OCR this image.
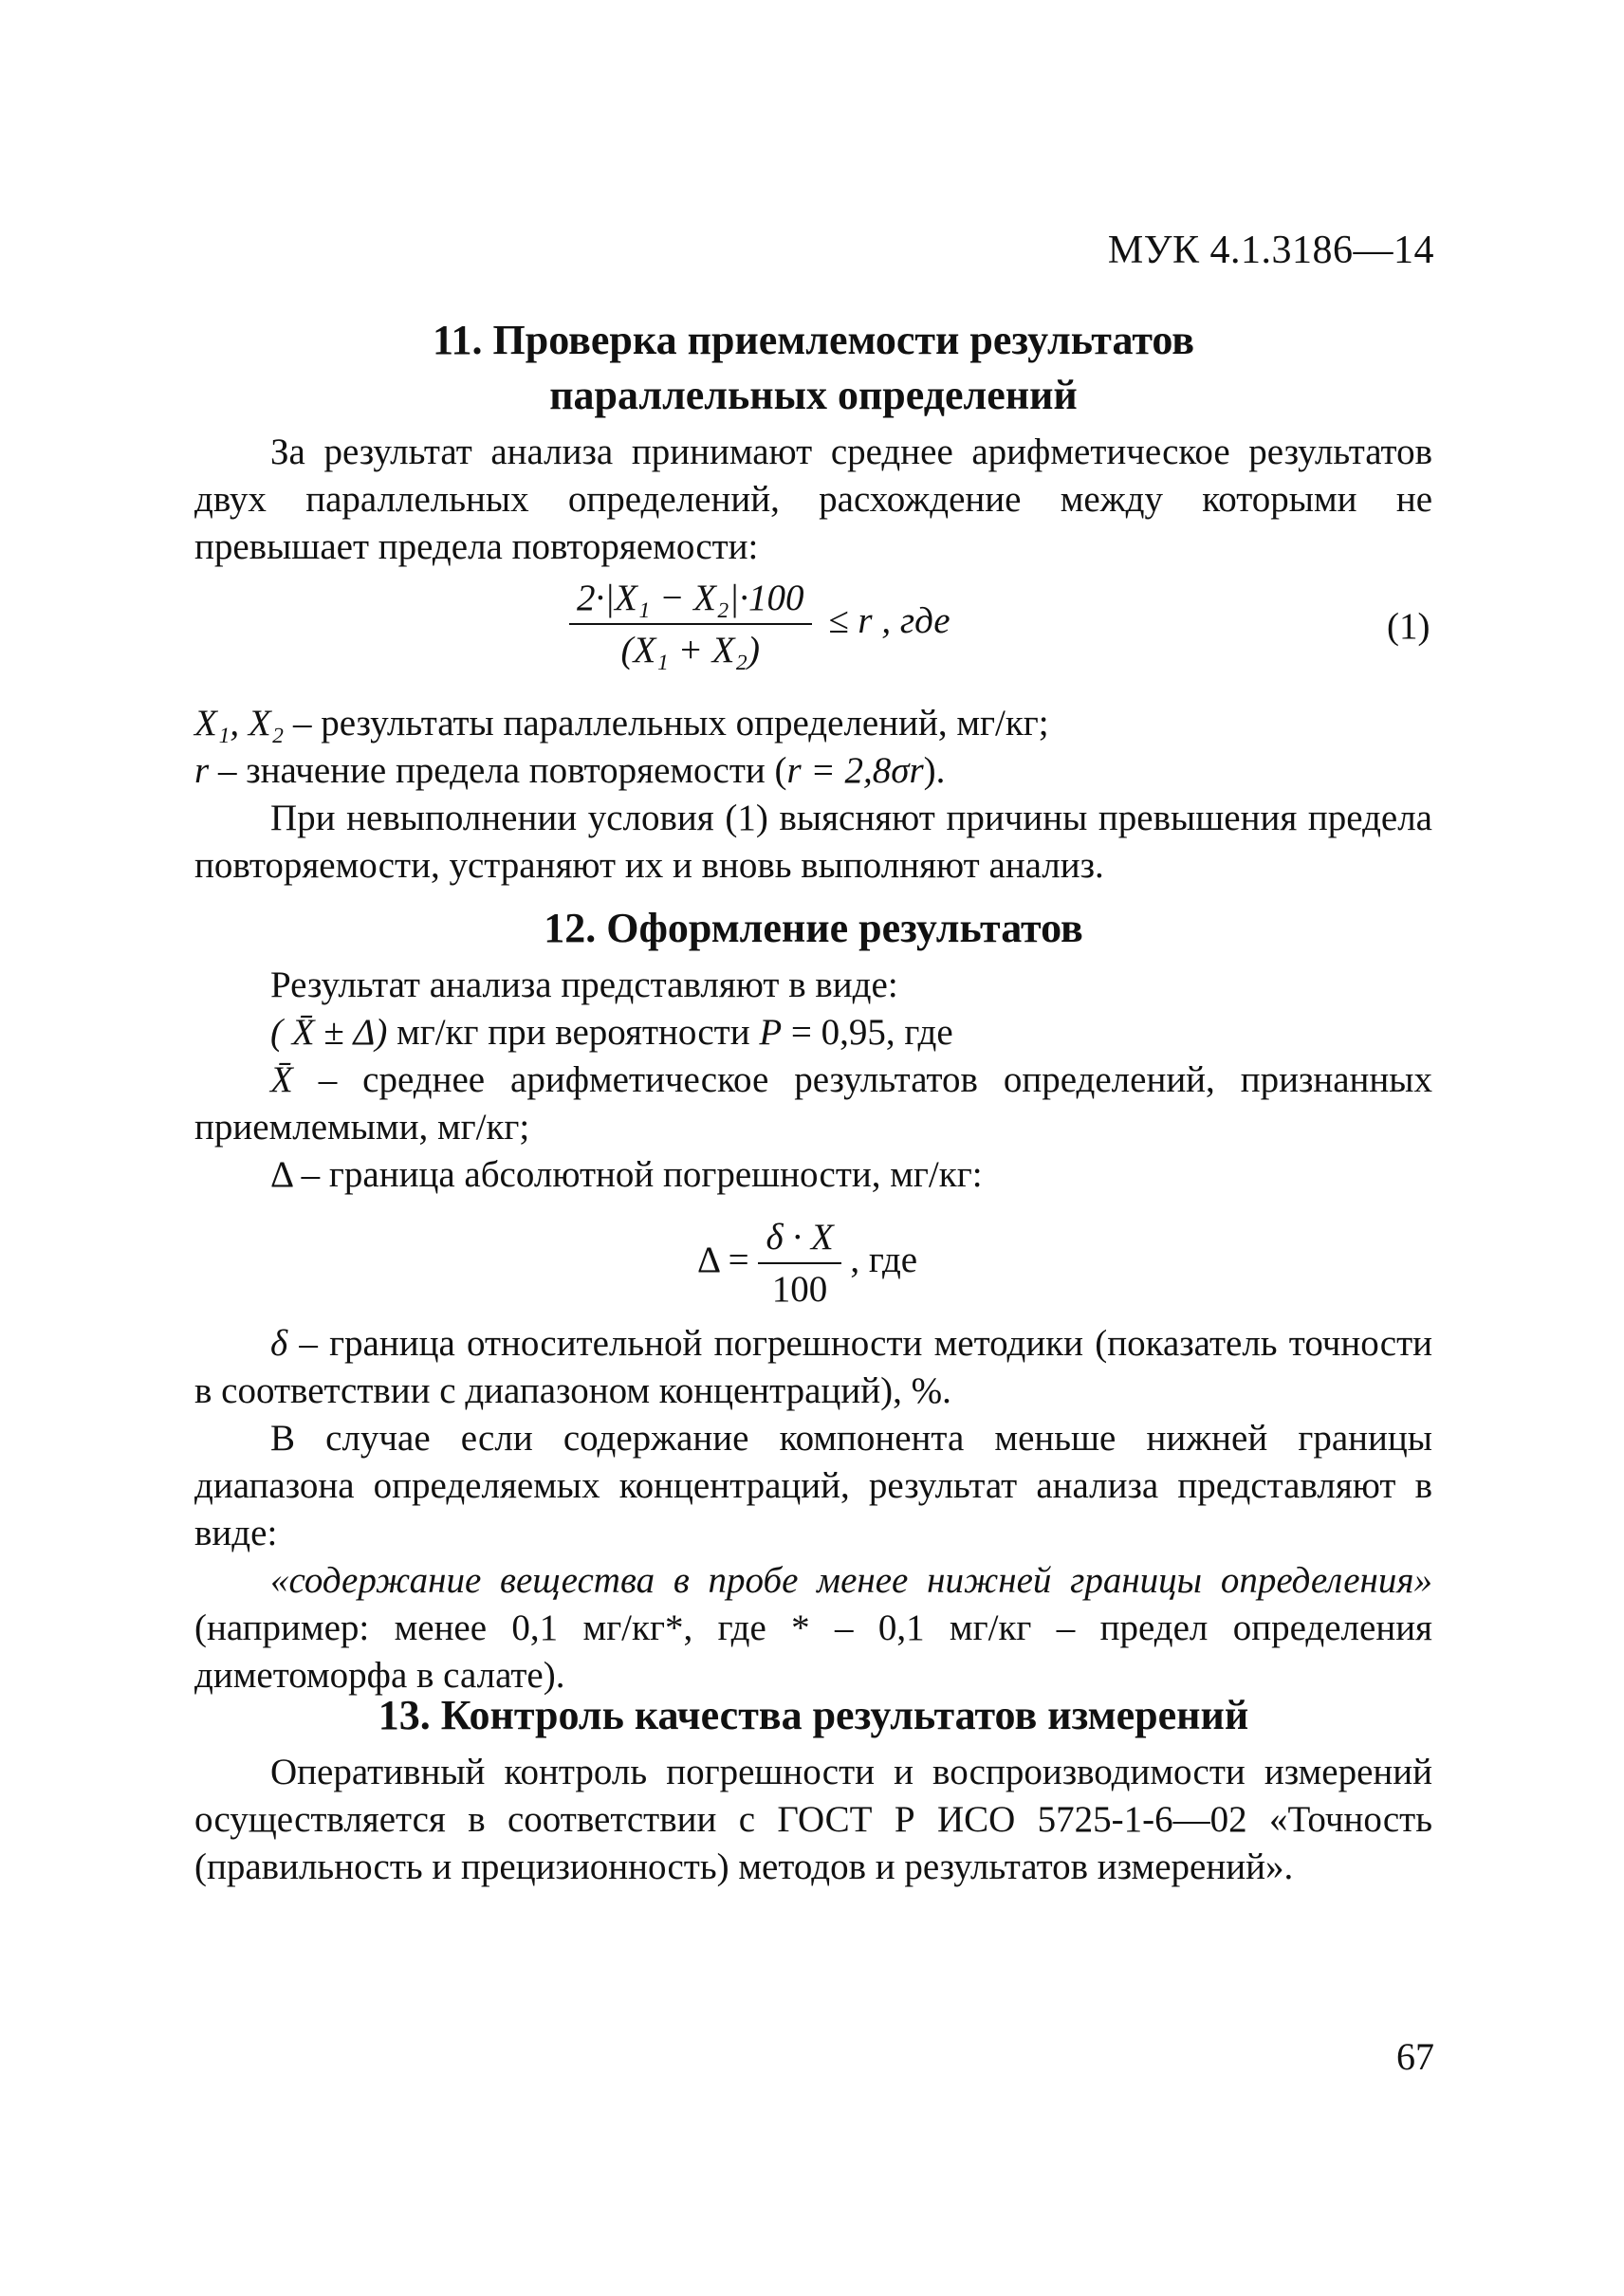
МУК 4.1.3186—14
11. Проверка приемлемости результатов
параллельных определений
За результат анализа принимают среднее арифметическое результатов двух параллельных определений, расхождение между которыми не превышает предела повторяемости:
$\frac{\text{2·|X₁ − X₂|·100}}{\text{(X₁ + X₂)}} \le r$ , где	(1)
X₁, X₂ – результаты параллельных определений, мг/кг;
r – значение предела повторяемости (r = 2,8σr).
При невыполнении условия (1) выясняют причины превышения предела повторяемости, устраняют их и вновь выполняют анализ.
12. Оформление результатов
Результат анализа представляют в виде:
( X̄ ± Δ) мг/кг при вероятности P = 0,95, где
X̄ – среднее арифметическое результатов определений, признанных приемлемыми, мг/кг;
Δ – граница абсолютной погрешности, мг/кг:
$\Delta = \frac{\delta \cdot X}{100}$ , где
δ – граница относительной погрешности методики (показатель точности в соответствии с диапазоном концентраций), %.
В случае если содержание компонента меньше нижней границы диапазона определяемых концентраций, результат анализа представляют в виде:
«содержание вещества в пробе менее нижней границы определения» (например: менее 0,1 мг/кг*, где * – 0,1 мг/кг – предел определения диметоморфа в салате).
13. Контроль качества результатов измерений
Оперативный контроль погрешности и воспроизводимости измерений осуществляется в соответствии с ГОСТ Р ИСО 5725-1-6—02 «Точность (правильность и прецизионность) методов и результатов измерений».
67
